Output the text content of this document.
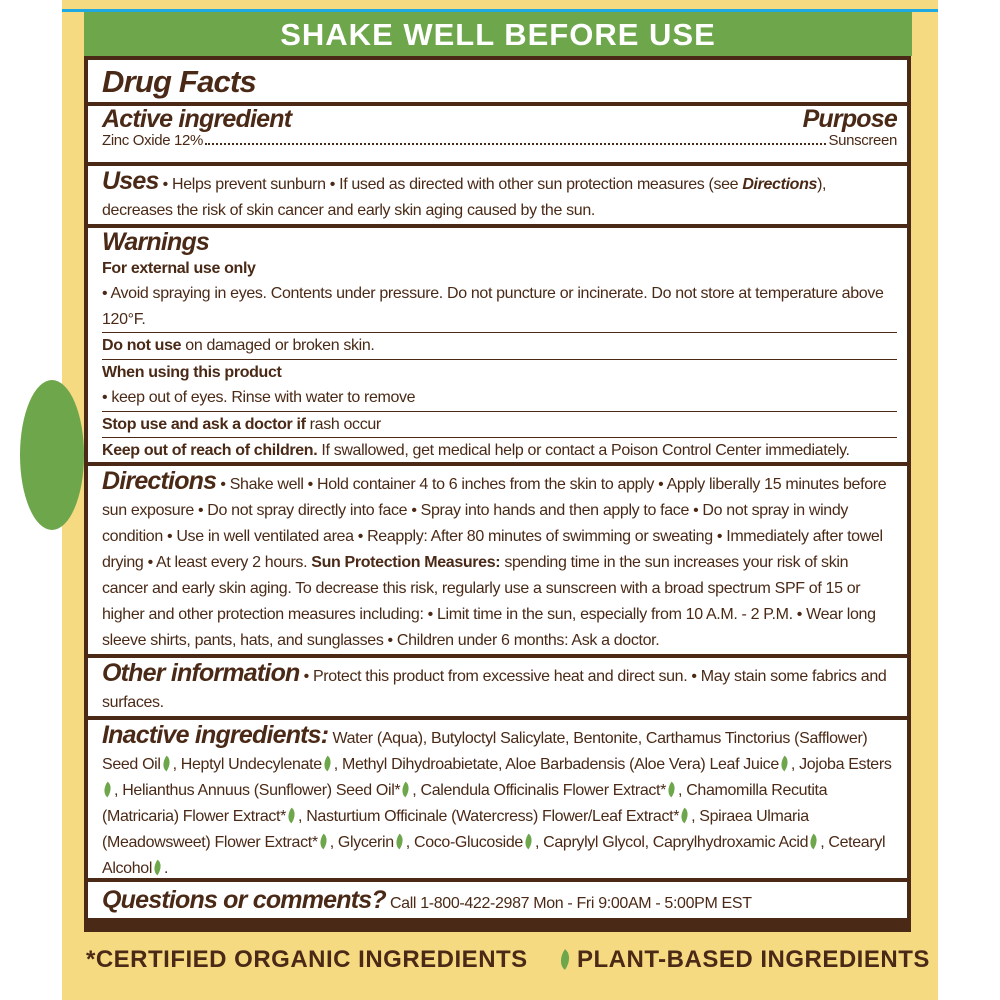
SHAKE WELL BEFORE USE
Drug Facts
Active ingredient	Purpose
Zinc Oxide 12%	Sunscreen
Uses • Helps prevent sunburn • If used as directed with other sun protection measures (see Directions), decreases the risk of skin cancer and early skin aging caused by the sun.
Warnings
For external use only
• Avoid spraying in eyes. Contents under pressure. Do not puncture or incinerate. Do not store at temperature above 120°F.
Do not use on damaged or broken skin.
When using this product
• keep out of eyes. Rinse with water to remove
Stop use and ask a doctor if rash occur
Keep out of reach of children. If swallowed, get medical help or contact a Poison Control Center immediately.
Directions • Shake well • Hold container 4 to 6 inches from the skin to apply • Apply liberally 15 minutes before sun exposure • Do not spray directly into face • Spray into hands and then apply to face • Do not spray in windy condition • Use in well ventilated area • Reapply: After 80 minutes of swimming or sweating • Immediately after towel drying • At least every 2 hours. Sun Protection Measures: spending time in the sun increases your risk of skin cancer and early skin aging. To decrease this risk, regularly use a sunscreen with a broad spectrum SPF of 15 or higher and other protection measures including: • Limit time in the sun, especially from 10 A.M. - 2 P.M. • Wear long sleeve shirts, pants, hats, and sunglasses • Children under 6 months: Ask a doctor.
Other information • Protect this product from excessive heat and direct sun. • May stain some fabrics and surfaces.
Inactive ingredients: Water (Aqua), Butyloctyl Salicylate, Bentonite, Carthamus Tinctorius (Safflower) Seed Oil , Heptyl Undecylenate , Methyl Dihydroabietate, Aloe Barbadensis (Aloe Vera) Leaf Juice , Jojoba Esters, Helianthus Annuus (Sunflower) Seed Oil* , Calendula Officinalis Flower Extract* , Chamomilla Recutita (Matricaria) Flower Extract* , Nasturtium Officinale (Watercress) Flower/Leaf Extract* , Spiraea Ulmaria (Meadowsweet) Flower Extract* , Glycerin , Coco-Glucoside , Caprylyl Glycol, Caprylhydroxamic Acid , Cetearyl Alcohol .
Questions or comments? Call 1-800-422-2987 Mon - Fri 9:00AM - 5:00PM EST
*CERTIFIED ORGANIC INGREDIENTS	PLANT-BASED INGREDIENTS
